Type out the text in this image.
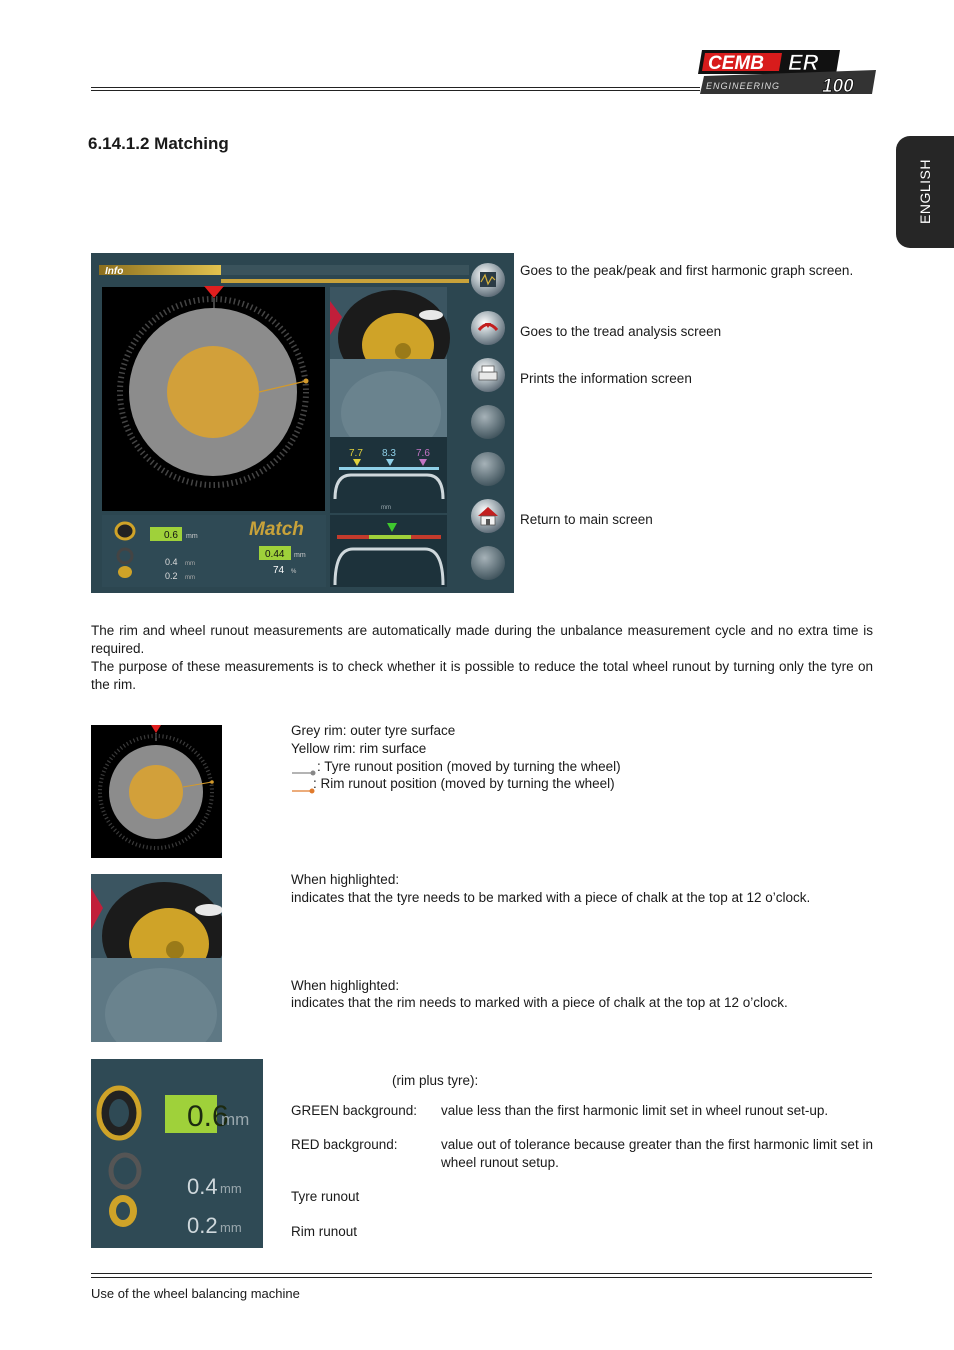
CEMB ER
ENGINEERING 100
ENGLISH
6.14.1.2 Matching
7.7 8.3 7.6
mm
0.6 mm
0.4 mm
0.2 mm
Match
0.44 mm
74 %
Info	Goes to the peak/peak and first harmonic graph screen.
Goes to the tread analysis screen
Prints the information screen
Return to main screen
The rim and wheel runout measurements are automatically made during the unbalance measurement cycle and no extra time is required.
The purpose of these measurements is to check whether it is possible to reduce the total wheel runout by turning only the tyre on the rim.
Grey rim: outer tyre surface
Yellow rim: rim surface
: Tyre runout position (moved by turning the wheel)
: Rim runout position (moved by turning the wheel)
When highlighted:
indicates that the tyre needs to be marked with a piece of chalk at the top at 12 o’clock.
When highlighted:
indicates that the rim needs to marked with a piece of chalk at the top at 12 o’clock.
0.6
mm
0.4 mm
0.2 mm
(rim plus tyre):
GREEN background:	value less than the first harmonic limit set in wheel runout set-up.
RED background:	value out of tolerance because greater than the first harmonic limit set in wheel runout setup.
Tyre runout
Rim runout
Use of the wheel balancing machine
